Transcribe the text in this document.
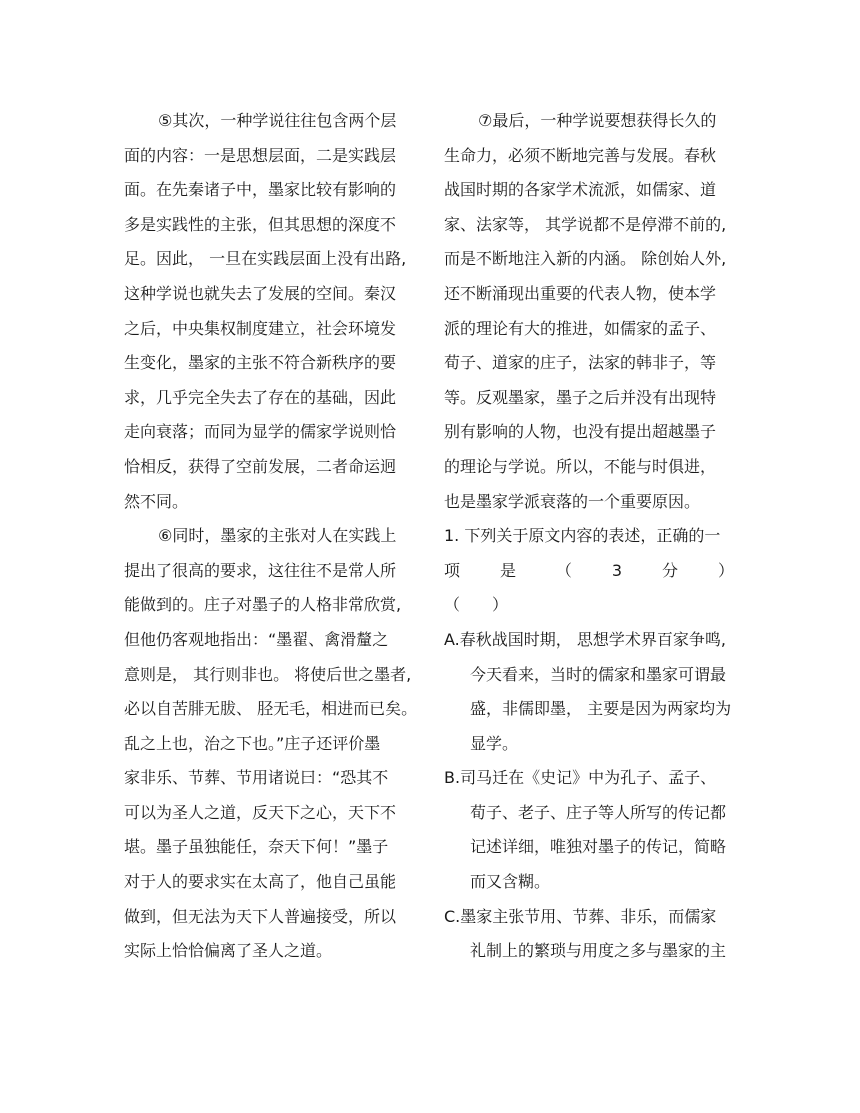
⑤其次，一种学说往往包含两个层
面的内容：一是思想层面，二是实践层
面。在先秦诸子中，墨家比较有影响的
多是实践性的主张，但其思想的深度不
足。因此， 一旦在实践层面上没有出路,
这种学说也就失去了发展的空间。秦汉
之后，中央集权制度建立，社会环境发
生变化，墨家的主张不符合新秩序的要
求，几乎完全失去了存在的基础，因此
走向衰落；而同为显学的儒家学说则恰
恰相反，获得了空前发展，二者命运迥
然不同。
⑥同时，墨家的主张对人在实践上
提出了很高的要求，这往往不是常人所
能做到的。庄子对墨子的人格非常欣赏,
但他仍客观地指出：“墨翟、禽滑釐之
意则是， 其行则非也。 将使后世之墨者,
必以自苦腓无胈、 胫无毛，相进而已矣。
乱之上也，治之下也。”庄子还评价墨
家非乐、节葬、节用诸说曰：“恐其不
可以为圣人之道，反天下之心，天下不
堪。墨子虽独能任，奈天下何！”墨子
对于人的要求实在太高了，他自己虽能
做到，但无法为天下人普遍接受，所以
实际上恰恰偏离了圣人之道。
⑦最后，一种学说要想获得长久的
生命力，必须不断地完善与发展。春秋
战国时期的各家学术流派，如儒家、道
家、法家等， 其学说都不是停滞不前的,
而是不断地注入新的内涵。 除创始人外,
还不断涌现出重要的代表人物，使本学
派的理论有大的推进，如儒家的孟子、
荀子、道家的庄子，法家的韩非子，等
等。反观墨家，墨子之后并没有出现特
别有影响的人物，也没有提出超越墨子
的理论与学说。所以，不能与时俱进，
也是墨家学派衰落的一个重要原因。
1. 下列关于原文内容的表述，正确的一
项 是 （ 3 分 ）
（　　）
A.春秋战国时期， 思想学术界百家争鸣,
今天看来，当时的儒家和墨家可谓最
盛，非儒即墨， 主要是因为两家均为
显学。
B.司马迁在《史记》中为孔子、孟子、
荀子、老子、庄子等人所写的传记都
记述详细，唯独对墨子的传记，简略
而又含糊。
C.墨家主张节用、节葬、非乐，而儒家
礼制上的繁琐与用度之多与墨家的主
